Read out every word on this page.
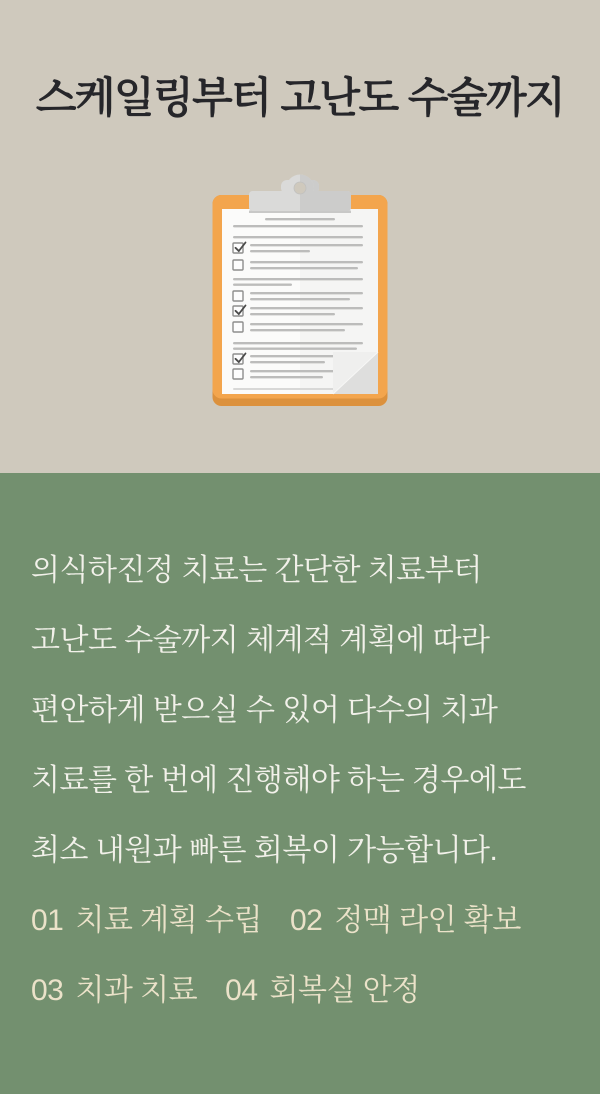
스케일링부터 고난도 수술까지
의식하진정 치료는 간단한 치료부터
고난도 수술까지 체계적 계획에 따라
편안하게 받으실 수 있어 다수의 치과
치료를 한 번에 진행해야 하는 경우에도
최소 내원과 빠른 회복이 가능합니다.
01 치료 계획 수립 02 정맥 라인 확보
03 치과 치료 04 회복실 안정
